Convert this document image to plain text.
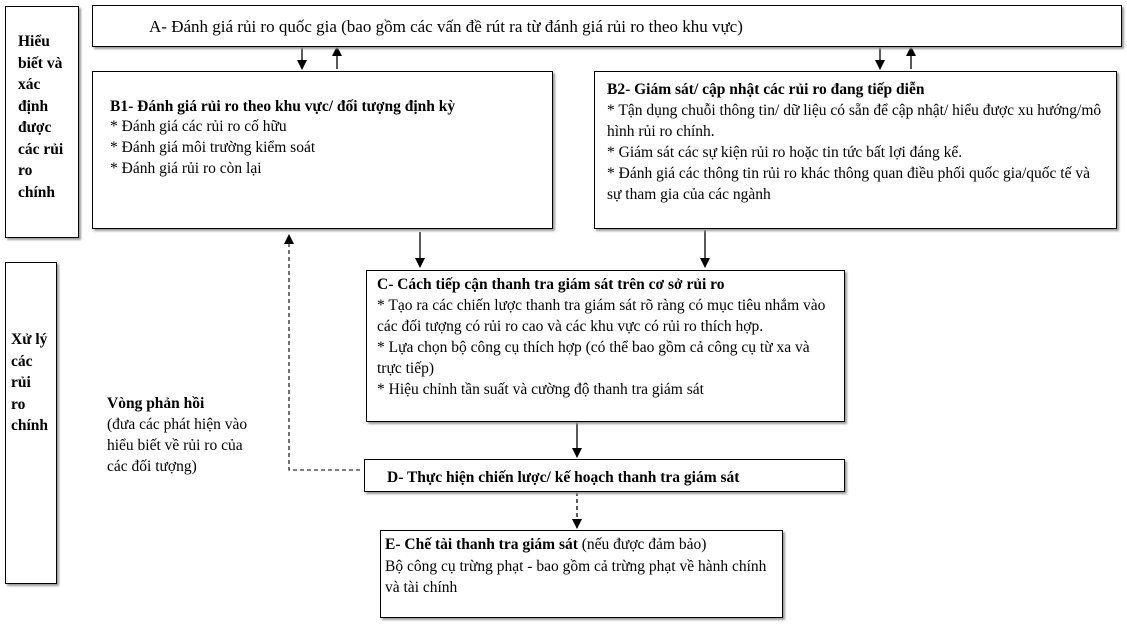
Hiểu
biết và
xác
định
được
các rủi
ro
chính
Xử lý
các
rủi
ro
chính
A- Đánh giá rủi ro quốc gia (bao gồm các vấn đề rút ra từ đánh giá rủi ro theo khu vực)
B1- Đánh giá rủi ro theo khu vực/ đối tượng định kỳ
* Đánh giá các rủi ro cố hữu
* Đánh giá môi trường kiểm soát
* Đánh giá rủi ro còn lại
B2- Giám sát/ cập nhật các rủi ro đang tiếp diễn
* Tận dụng chuỗi thông tin/ dữ liệu có sẵn để cập nhật/ hiểu được xu hướng/mô hình rủi ro chính.
* Giám sát các sự kiện rủi ro hoặc tin tức bất lợi đáng kể.
* Đánh giá các thông tin rủi ro khác thông quan điều phối quốc gia/quốc tế và sự tham gia của các ngành
C- Cách tiếp cận thanh tra giám sát trên cơ sở rủi ro
* Tạo ra các chiến lược thanh tra giám sát rõ ràng có mục tiêu nhắm vào các đối tượng có rủi ro cao và các khu vực có rủi ro thích hợp.
* Lựa chọn bộ công cụ thích hợp (có thể bao gồm cả công cụ từ xa và trực tiếp)
* Hiệu chỉnh tần suất và cường độ thanh tra giám sát
D- Thực hiện chiến lược/ kế hoạch thanh tra giám sát
E- Chế tài thanh tra giám sát (nếu được đảm bảo)
Bộ công cụ trừng phạt - bao gồm cả trừng phạt về hành chính và tài chính
Vòng phản hồi
(đưa các phát hiện vào hiểu biết về rủi ro của các đối tượng)
